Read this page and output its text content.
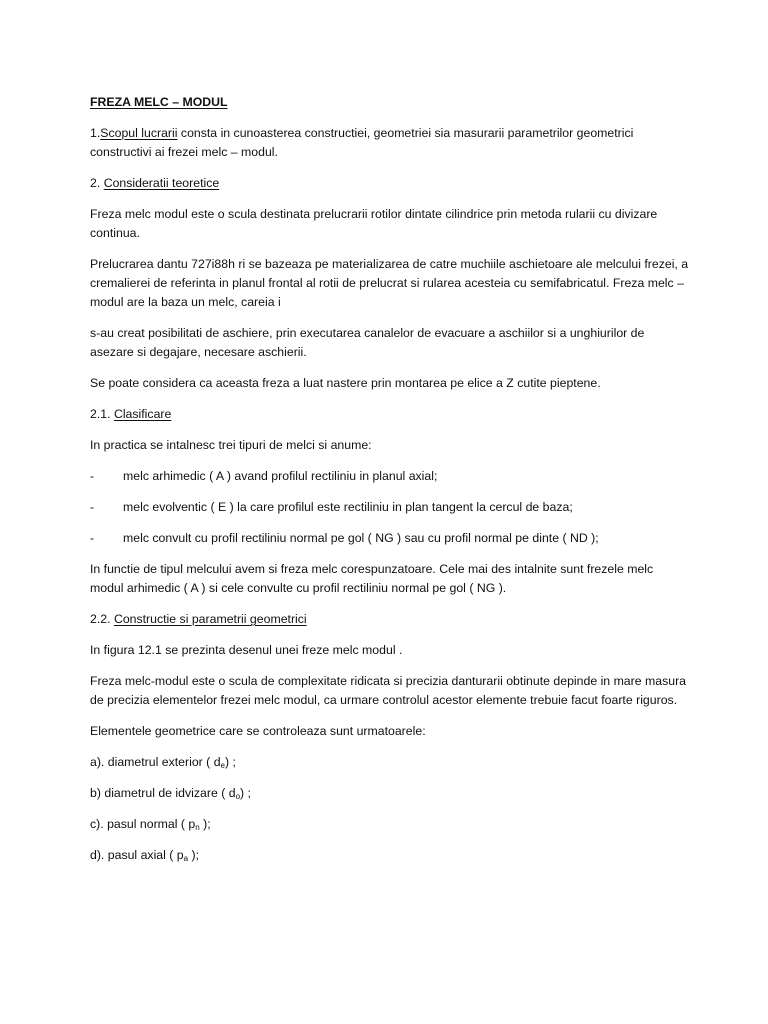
FREZA MELC – MODUL
1.Scopul lucrarii consta in cunoasterea constructiei, geometriei sia masurarii parametrilor geometrici constructivi ai frezei melc – modul.
2. Consideratii teoretice
Freza melc modul este o scula destinata prelucrarii rotilor dintate cilindrice prin metoda rularii cu divizare continua.
Prelucrarea dantu 727i88h ri se bazeaza pe materializarea de catre muchiile aschietoare ale melcului frezei, a cremalierei de referinta in planul frontal al rotii de prelucrat si rularea acesteia cu semifabricatul. Freza melc – modul are la baza un melc, careia i
s-au creat posibilitati de aschiere, prin executarea canalelor de evacuare a aschiilor si a unghiurilor de asezare si degajare, necesare aschierii.
Se poate considera ca aceasta freza a luat nastere prin montarea pe elice a Z cutite pieptene.
2.1. Clasificare
In practica se intalnesc trei tipuri de melci si anume:
- melc arhimedic ( A ) avand profilul rectiliniu in planul axial;
- melc evolventic ( E ) la care profilul este rectiliniu in plan tangent la cercul de baza;
- melc convult cu profil rectiliniu normal pe gol ( NG ) sau cu profil normal pe dinte ( ND );
In functie de tipul melcului avem si freza melc corespunzatoare. Cele mai des intalnite sunt frezele melc modul arhimedic ( A ) si cele convulte cu profil rectiliniu normal pe gol ( NG ).
2.2. Constructie si parametrii geometrici
In figura 12.1 se prezinta desenul unei freze melc modul .
Freza melc-modul este o scula de complexitate ridicata si precizia danturarii obtinute depinde in mare masura de precizia elementelor frezei melc modul, ca urmare controlul acestor elemente trebuie facut foarte riguros.
Elementele geometrice care se controleaza sunt urmatoarele:
a). diametrul exterior ( $d_e$) ;
b) diametrul de idvizare ( $d_o$) ;
c). pasul normal ( $p_n$ );
d). pasul axial ( $p_a$ );
